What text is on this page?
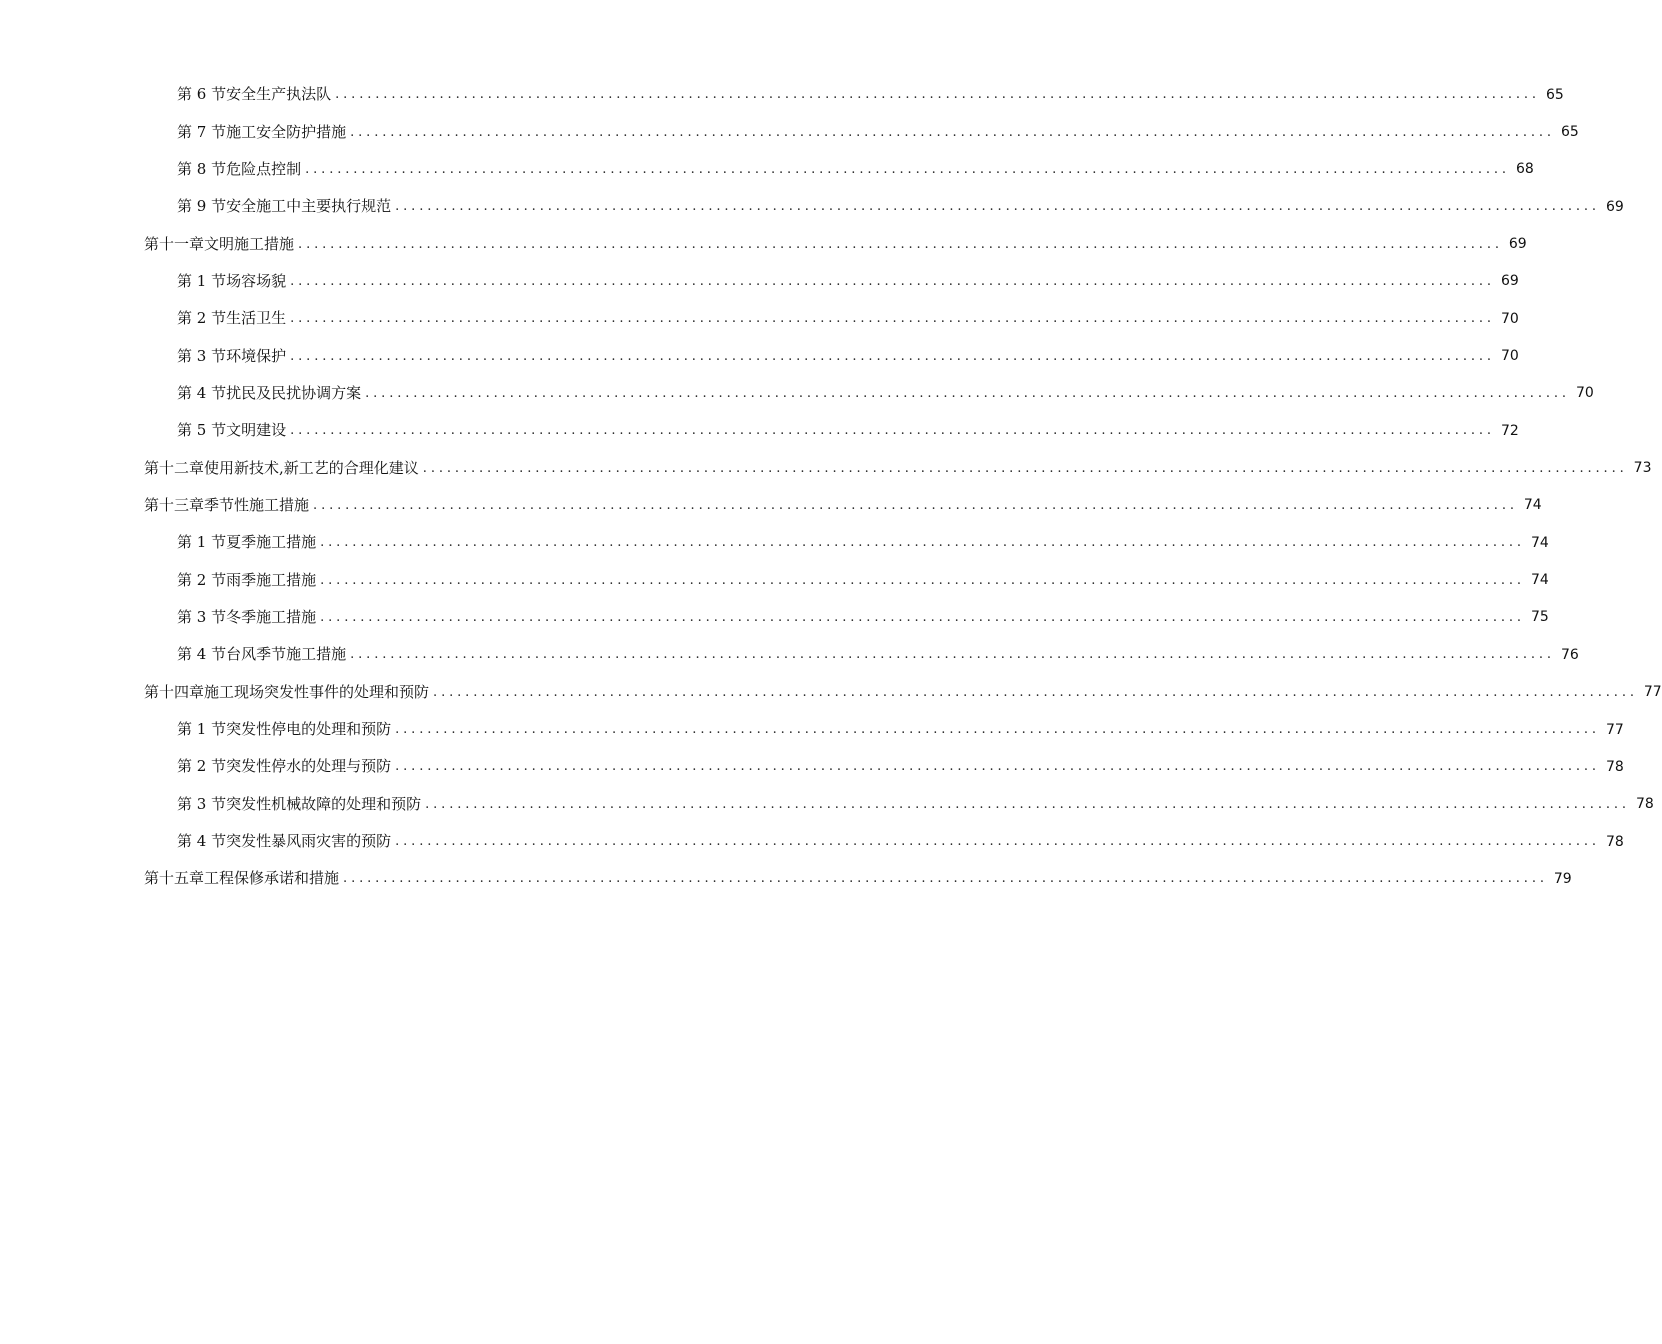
第 6 节 安全生产执法队 ...................................................................................................................................................... 65
第 7 节 施工安全防护措施 ...................................................................................................................................................... 65
第 8 节 危险点控制 ...................................................................................................................................................... 68
第 9 节 安全施工中主要执行规范 ...................................................................................................................................................... 69
第十一章 文明施工措施 ...................................................................................................................................................... 69
第 1 节 场容场貌 ...................................................................................................................................................... 69
第 2 节 生活卫生 ...................................................................................................................................................... 70
第 3 节 环境保护 ...................................................................................................................................................... 70
第 4 节 扰民及民扰协调方案 ...................................................................................................................................................... 70
第 5 节 文明建设 ...................................................................................................................................................... 72
第十二章 使用新技术,新工艺的合理化建议 ...................................................................................................................................................... 73
第十三章 季节性施工措施 ...................................................................................................................................................... 74
第 1 节 夏季施工措施 ...................................................................................................................................................... 74
第 2 节 雨季施工措施 ...................................................................................................................................................... 74
第 3 节 冬季施工措施 ...................................................................................................................................................... 75
第 4 节 台风季节施工措施 ...................................................................................................................................................... 76
第十四章 施工现场突发性事件的处理和预防 ...................................................................................................................................................... 77
第 1 节 突发性停电的处理和预防 ...................................................................................................................................................... 77
第 2 节 突发性停水的处理与预防 ...................................................................................................................................................... 78
第 3 节 突发性机械故障的处理和预防 ...................................................................................................................................................... 78
第 4 节 突发性暴风雨灾害的预防 ...................................................................................................................................................... 78
第十五章 工程保修承诺和措施 ...................................................................................................................................................... 79
